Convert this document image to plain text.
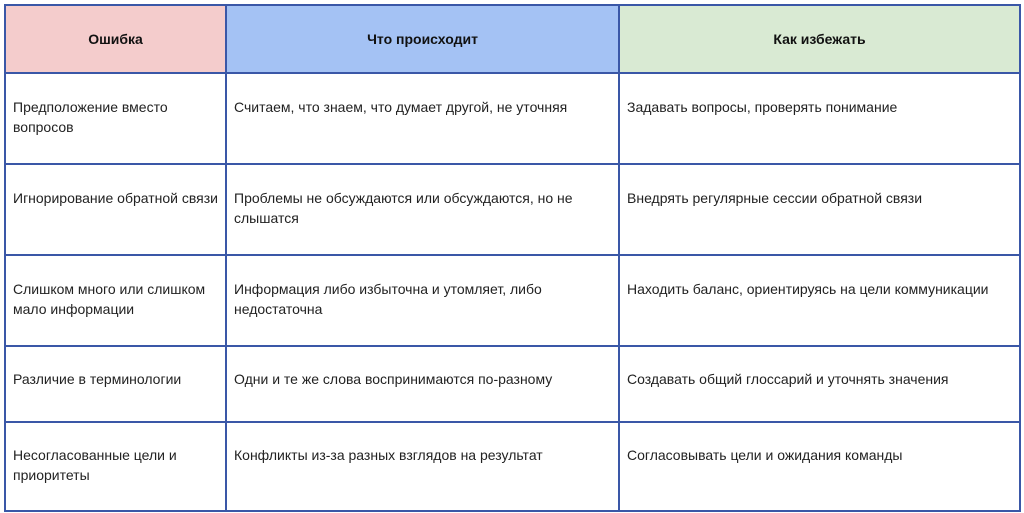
Ошибка	Что происходит	Как избежать
Предположение вместо вопросов	Считаем, что знаем, что думает другой, не уточняя	Задавать вопросы, проверять понимание
Игнорирование обратной связи	Проблемы не обсуждаются или обсуждаются, но не слышатся	Внедрять регулярные сессии обратной связи
Слишком много или слишком мало информации	Информация либо избыточна и утомляет, либо недостаточна	Находить баланс, ориентируясь на цели коммуникации
Различие в терминологии	Одни и те же слова воспринимаются по-разному	Создавать общий глоссарий и уточнять значения
Несогласованные цели и приоритеты	Конфликты из-за разных взглядов на результат	Согласовывать цели и ожидания команды
